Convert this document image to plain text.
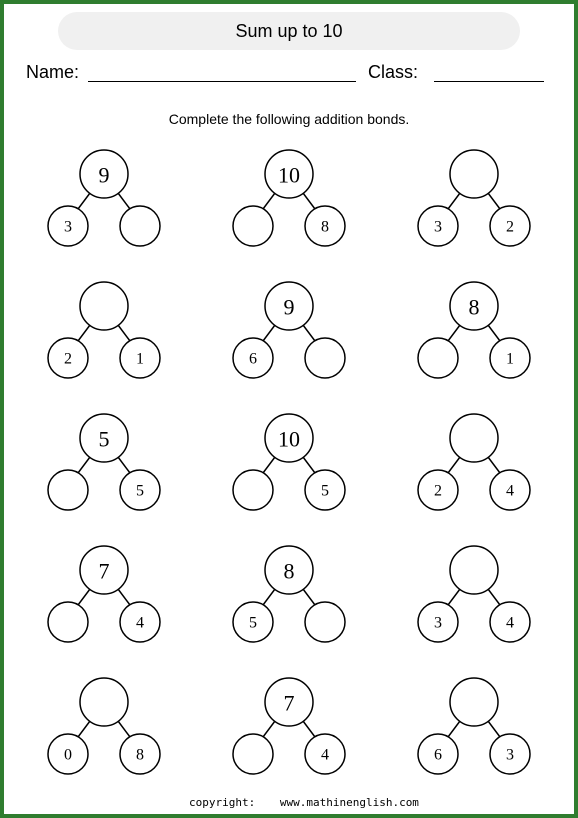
Sum up to 10
Name:	Class:
Complete the following addition bonds.
9
3
10
8	3	2
2	1
9
6
8
1
5
5
10
5	2	4
7
4
8
5	3	4
0	8
7
4	6	3
copyright: www.mathinenglish.com
